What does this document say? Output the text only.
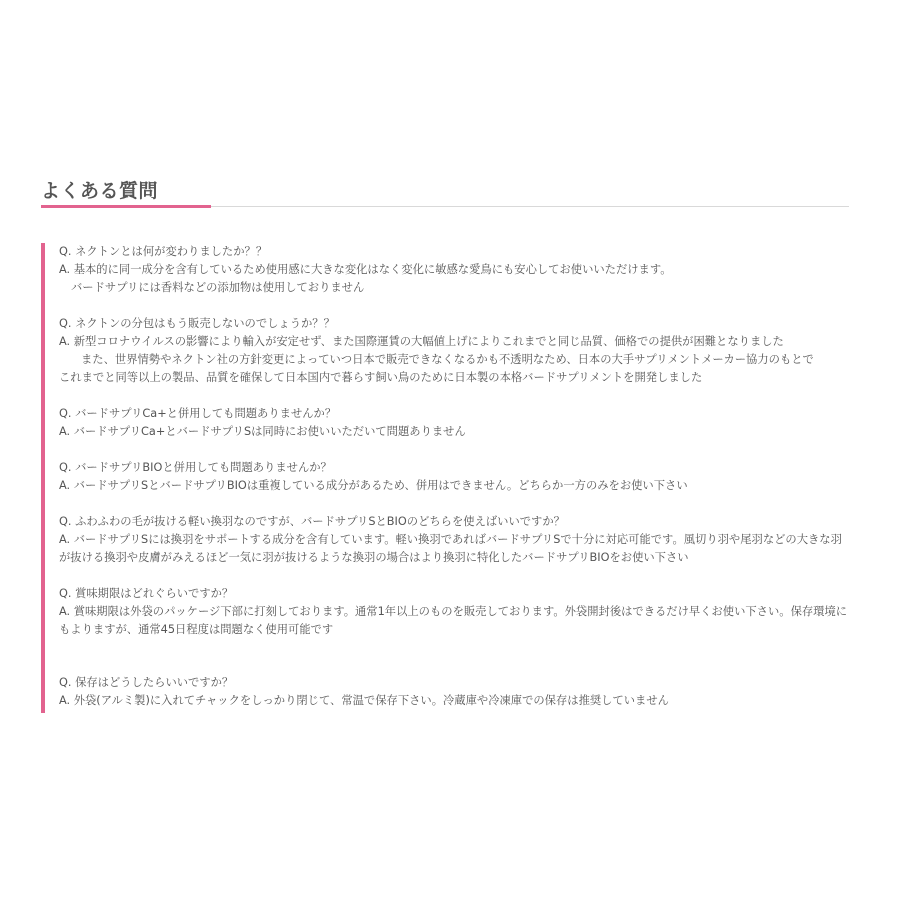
よくある質問

Q. ネクトンとは何が変わりましたか？？

A. 基本的に同一成分を含有しているため使用感に大きな変化はなく変化に敏感な愛鳥にも安心してお使いいただけます。

バードサプリには香料などの添加物は使用しておりません

Q. ネクトンの分包はもう販売しないのでしょうか？？

A. 新型コロナウイルスの影響により輸入が安定せず、また国際運賃の大幅値上げによりこれまでと同じ品質、価格での提供が困難となりました

また、世界情勢やネクトン社の方針変更によっていつ日本で販売できなくなるかも不透明なため、日本の大手サプリメントメーカー協力のもとで

これまでと同等以上の製品、品質を確保して日本国内で暮らす飼い鳥のために日本製の本格バードサプリメントを開発しました

Q. バードサプリCa+と併用しても問題ありませんか？

A. バードサプリCa+とバードサプリSは同時にお使いいただいて問題ありません

Q. バードサプリBIOと併用しても問題ありませんか？

A. バードサプリSとバードサプリBIOは重複している成分があるため、併用はできません。どちらか一方のみをお使い下さい

Q. ふわふわの毛が抜ける軽い換羽なのですが、バードサプリSとBIOのどちらを使えばいいですか？

A. バードサプリSには換羽をサポートする成分を含有しています。軽い換羽であればバードサプリSで十分に対応可能です。風切り羽や尾羽などの大きな羽が抜ける換羽や皮膚がみえるほど一気に羽が抜けるような換羽の場合はより換羽に特化したバードサプリBIOをお使い下さい

Q. 賞味期限はどれぐらいですか？

A. 賞味期限は外袋のパッケージ下部に打刻しております。通常1年以上のものを販売しております。外袋開封後はできるだけ早くお使い下さい。保存環境にもよりますが、通常45日程度は問題なく使用可能です

Q. 保存はどうしたらいいですか？

A. 外袋(アルミ製)に入れてチャックをしっかり閉じて、常温で保存下さい。冷蔵庫や冷凍庫での保存は推奨していません
